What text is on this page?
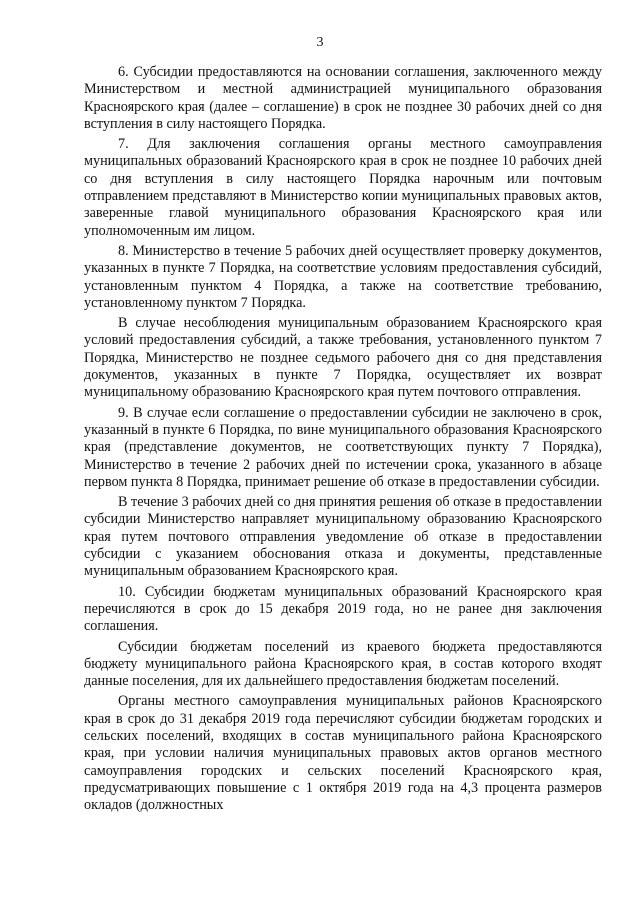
3

6. Субсидии предоставляются на основании соглашения, заключенного между Министерством и местной администрацией муниципального образования Красноярского края (далее – соглашение) в срок не позднее 30 рабочих дней со дня вступления в силу настоящего Порядка.

7. Для заключения соглашения органы местного самоуправления муниципальных образований Красноярского края в срок не позднее 10 рабочих дней со дня вступления в силу настоящего Порядка нарочным или почтовым отправлением представляют в Министерство копии муниципальных правовых актов, заверенные главой муниципального образования Красноярского края или уполномоченным им лицом.

8. Министерство в течение 5 рабочих дней осуществляет проверку документов, указанных в пункте 7 Порядка, на соответствие условиям предоставления субсидий, установленным пунктом 4 Порядка, а также на соответствие требованию, установленному пунктом 7 Порядка.

В случае несоблюдения муниципальным образованием Красноярского края условий предоставления субсидий, а также требования, установленного пунктом 7 Порядка, Министерство не позднее седьмого рабочего дня со дня представления документов, указанных в пункте 7 Порядка, осуществляет их возврат муниципальному образованию Красноярского края путем почтового отправления.

9. В случае если соглашение о предоставлении субсидии не заключено в срок, указанный в пункте 6 Порядка, по вине муниципального образования Красноярского края (представление документов, не соответствующих пункту 7 Порядка), Министерство в течение 2 рабочих дней по истечении срока, указанного в абзаце первом пункта 8 Порядка, принимает решение об отказе в предоставлении субсидии.

В течение 3 рабочих дней со дня принятия решения об отказе в предоставлении субсидии Министерство направляет муниципальному образованию Красноярского края путем почтового отправления уведомление об отказе в предоставлении субсидии с указанием обоснования отказа и документы, представленные муниципальным образованием Красноярского края.

10. Субсидии бюджетам муниципальных образований Красноярского края перечисляются в срок до 15 декабря 2019 года, но не ранее дня заключения соглашения.

Субсидии бюджетам поселений из краевого бюджета предоставляются бюджету муниципального района Красноярского края, в состав которого входят данные поселения, для их дальнейшего предоставления бюджетам поселений.

Органы местного самоуправления муниципальных районов Красноярского края в срок до 31 декабря 2019 года перечисляют субсидии бюджетам городских и сельских поселений, входящих в состав муниципального района Красноярского края, при условии наличия муниципальных правовых актов органов местного самоуправления городских и сельских поселений Красноярского края, предусматривающих повышение с 1 октября 2019 года на 4,3 процента размеров окладов (должностных
